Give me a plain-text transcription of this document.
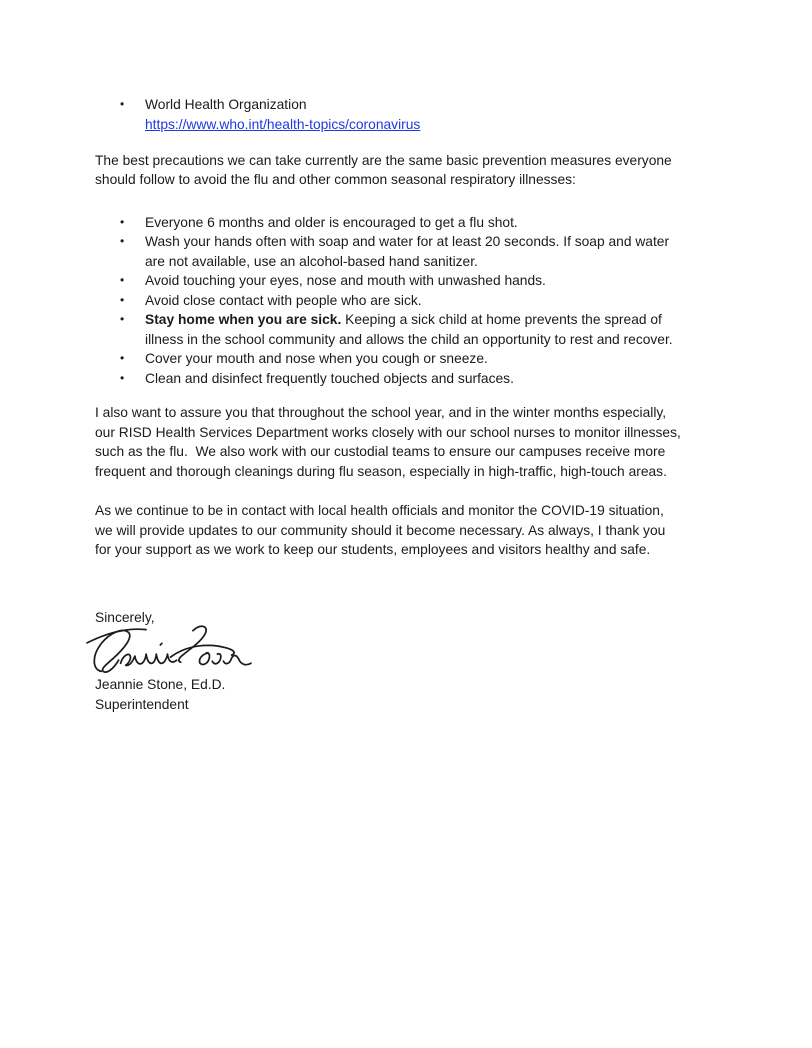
• World Health Organization
https://www.who.int/health-topics/coronavirus
The best precautions we can take currently are the same basic prevention measures everyone
should follow to avoid the flu and other common seasonal respiratory illnesses:
• Everyone 6 months and older is encouraged to get a flu shot.
• Wash your hands often with soap and water for at least 20 seconds. If soap and water
are not available, use an alcohol-based hand sanitizer.
• Avoid touching your eyes, nose and mouth with unwashed hands.
• Avoid close contact with people who are sick.
• Stay home when you are sick. Keeping a sick child at home prevents the spread of
illness in the school community and allows the child an opportunity to rest and recover.
• Cover your mouth and nose when you cough or sneeze.
• Clean and disinfect frequently touched objects and surfaces.
I also want to assure you that throughout the school year, and in the winter months especially,
our RISD Health Services Department works closely with our school nurses to monitor illnesses,
such as the flu.  We also work with our custodial teams to ensure our campuses receive more
frequent and thorough cleanings during flu season, especially in high-traffic, high-touch areas.
As we continue to be in contact with local health officials and monitor the COVID-19 situation,
we will provide updates to our community should it become necessary. As always, I thank you
for your support as we work to keep our students, employees and visitors healthy and safe.
Sincerely,
Jeannie Stone, Ed.D.
Superintendent
